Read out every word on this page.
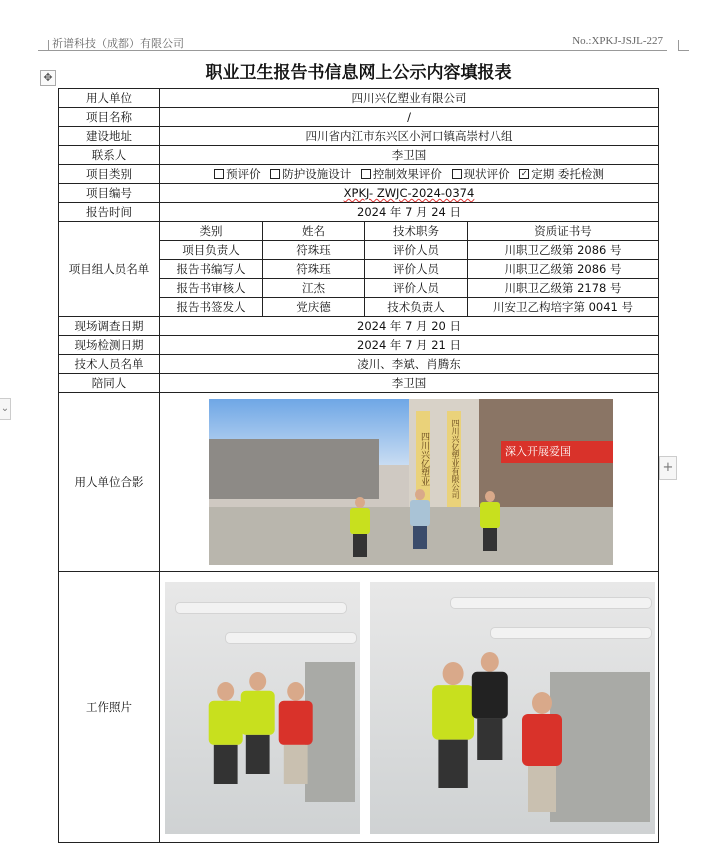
祈谱科技（成都）有限公司	No.:XPKJ-JSJL-227
✥
⌄
+
职业卫生报告书信息网上公示内容填报表
用人单位	四川兴亿塑业有限公司			
项目名称	/			
建设地址	四川省内江市东兴区小河口镇高崇村八组			
联系人	李卫国			
项目类别	预评价 防护设施设计 控制效果评价 现状评价 ✓ 定期 委托检测			
项目编号	XPKJ- ZWJC-2024-0374			
报告时间	2024 年 7 月 24 日			
项目组人员名单	类别	姓名	技术职务	资质证书号
	项目负责人	符珠珏	评价人员	川职卫乙级第 2086 号
	报告书编写人	符珠珏	评价人员	川职卫乙级第 2086 号
	报告书审核人	江杰	评价人员	川职卫乙级第 2178 号
	报告书签发人	党庆德	技术负责人	川安卫乙构培字第 0041 号
现场调查日期	2024 年 7 月 20 日			
现场检测日期	2024 年 7 月 21 日			
技术人员名单	凌川、李斌、肖腾东			
陪同人	李卫国			
用人单位合影	四川兴亿塑业 四川兴亿塑业有限公司 深入开展爱国			

工作照片				
